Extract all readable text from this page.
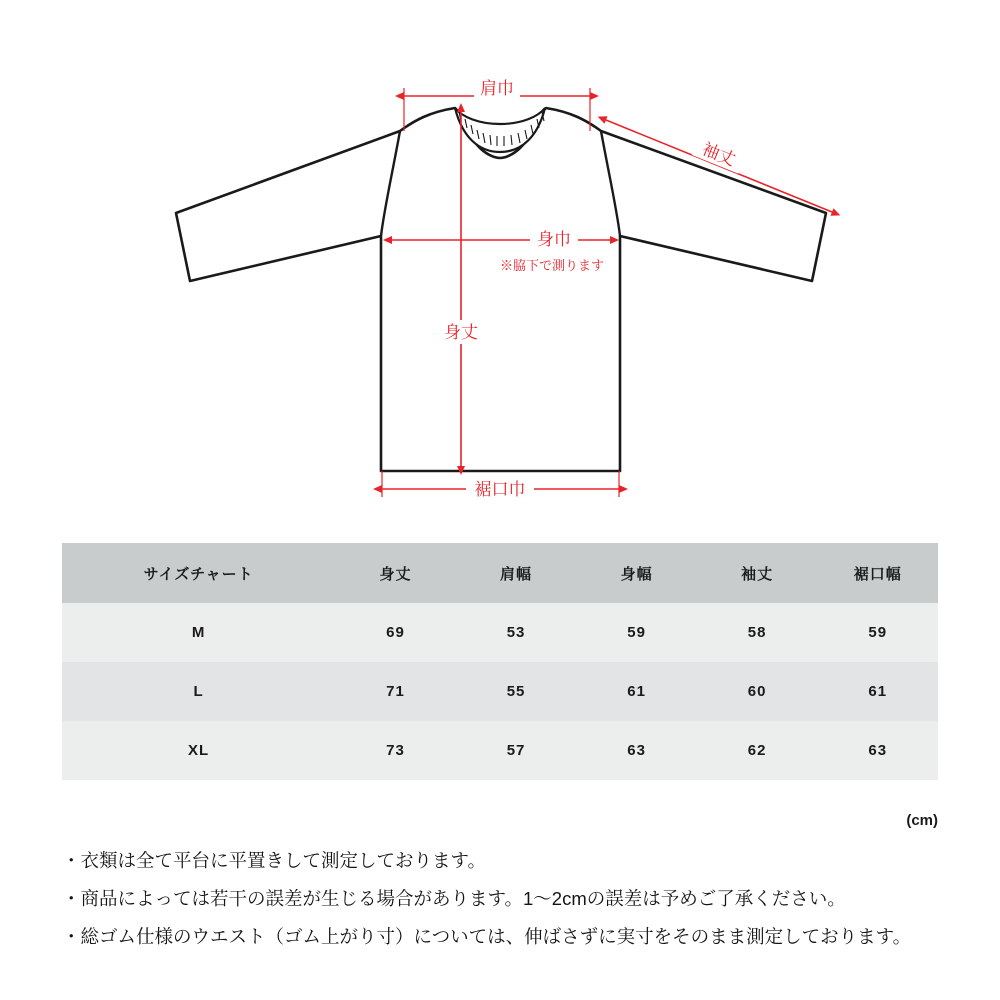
肩巾
袖丈
身巾
※脇下で測ります
身丈
裾口巾
サイズチャート	身丈	肩幅	身幅	袖丈	裾口幅
M	69	53	59	58	59
L	71	55	61	60	61
XL	73	57	63	62	63
(cm)
・衣類は全て平台に平置きして測定しております。
・商品によっては若干の誤差が生じる場合があります。1〜2cmの誤差は予めご了承ください。
・総ゴム仕様のウエスト（ゴム上がり寸）については、伸ばさずに実寸をそのまま測定しております。
